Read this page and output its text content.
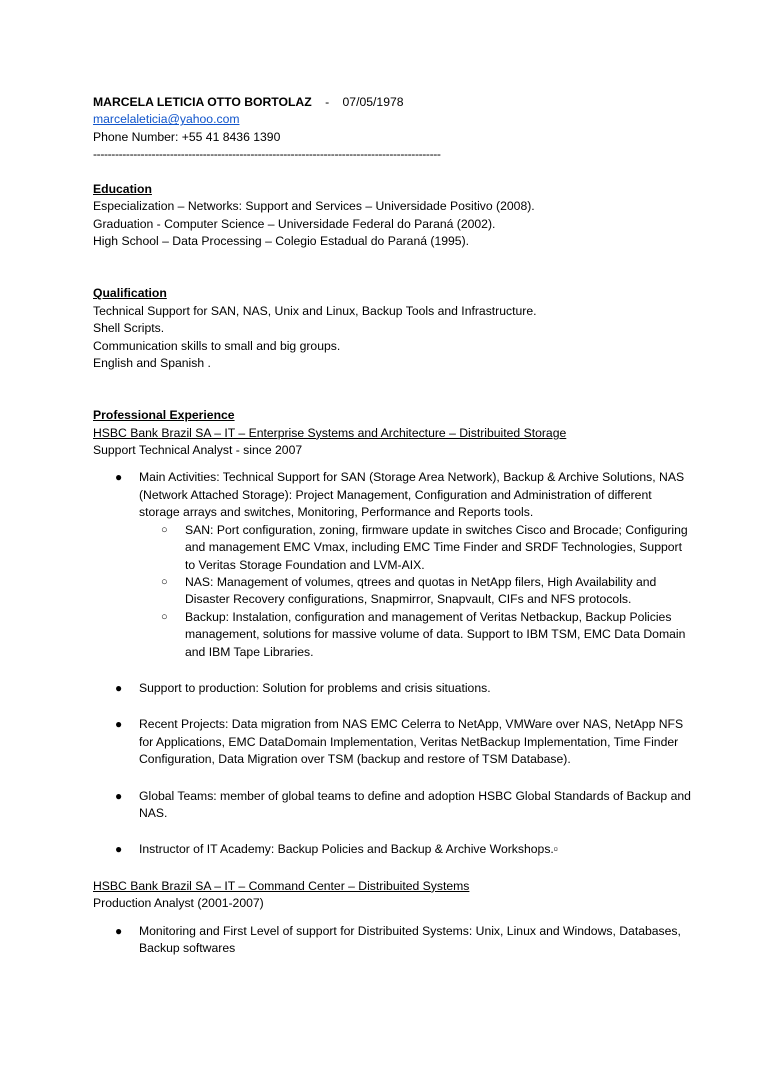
MARCELA LETICIA OTTO BORTOLAZ - 07/05/1978
marcelaleticia@yahoo.com
Phone Number: +55 41 8436 1390
-----------------------------------------------------------------------------------------------
Education
Especialization – Networks: Support and Services – Universidade Positivo (2008).
Graduation - Computer Science – Universidade Federal do Paraná (2002).
High School – Data Processing – Colegio Estadual do Paraná (1995).
Qualification
Technical Support for SAN, NAS, Unix and Linux, Backup Tools and Infrastructure.
Shell Scripts.
Communication skills to small and big groups.
English and Spanish .
Professional Experience
HSBC Bank Brazil SA – IT – Enterprise Systems and Architecture – Distribuited Storage
Support Technical Analyst - since 2007
● Main Activities: Technical Support for SAN (Storage Area Network), Backup & Archive Solutions, NAS (Network Attached Storage): Project Management, Configuration and Administration of different storage arrays and switches, Monitoring, Performance and Reports tools.
○ SAN: Port configuration, zoning, firmware update in switches Cisco and Brocade; Configuring and management EMC Vmax, including EMC Time Finder and SRDF Technologies, Support to Veritas Storage Foundation and LVM-AIX.
○ NAS: Management of volumes, qtrees and quotas in NetApp filers, High Availability and Disaster Recovery configurations, Snapmirror, Snapvault, CIFs and NFS protocols.
○ Backup: Instalation, configuration and management of Veritas Netbackup, Backup Policies management, solutions for massive volume of data. Support to IBM TSM, EMC Data Domain and IBM Tape Libraries.
● Support to production: Solution for problems and crisis situations.
● Recent Projects: Data migration from NAS EMC Celerra to NetApp, VMWare over NAS, NetApp NFS for Applications, EMC DataDomain Implementation, Veritas NetBackup Implementation, Time Finder Configuration, Data Migration over TSM (backup and restore of TSM Database).
● Global Teams: member of global teams to define and adoption HSBC Global Standards of Backup and NAS.
● Instructor of IT Academy: Backup Policies and Backup & Archive Workshops.▫
HSBC Bank Brazil SA – IT – Command Center – Distribuited Systems
Production Analyst (2001-2007)
● Monitoring and First Level of support for Distribuited Systems: Unix, Linux and Windows, Databases, Backup softwares
